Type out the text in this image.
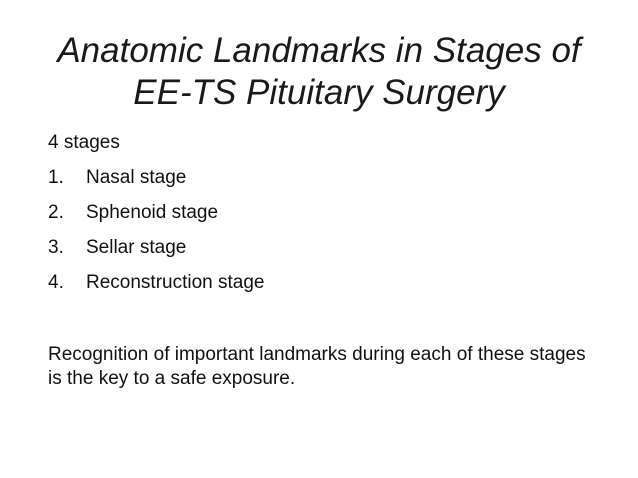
Anatomic Landmarks in Stages of
EE-TS Pituitary Surgery

4 stages

1.	Nasal stage
2.	Sphenoid stage
3.	Sellar stage
4.	Reconstruction stage

Recognition of important landmarks during each of these stages is the key to a safe exposure.
